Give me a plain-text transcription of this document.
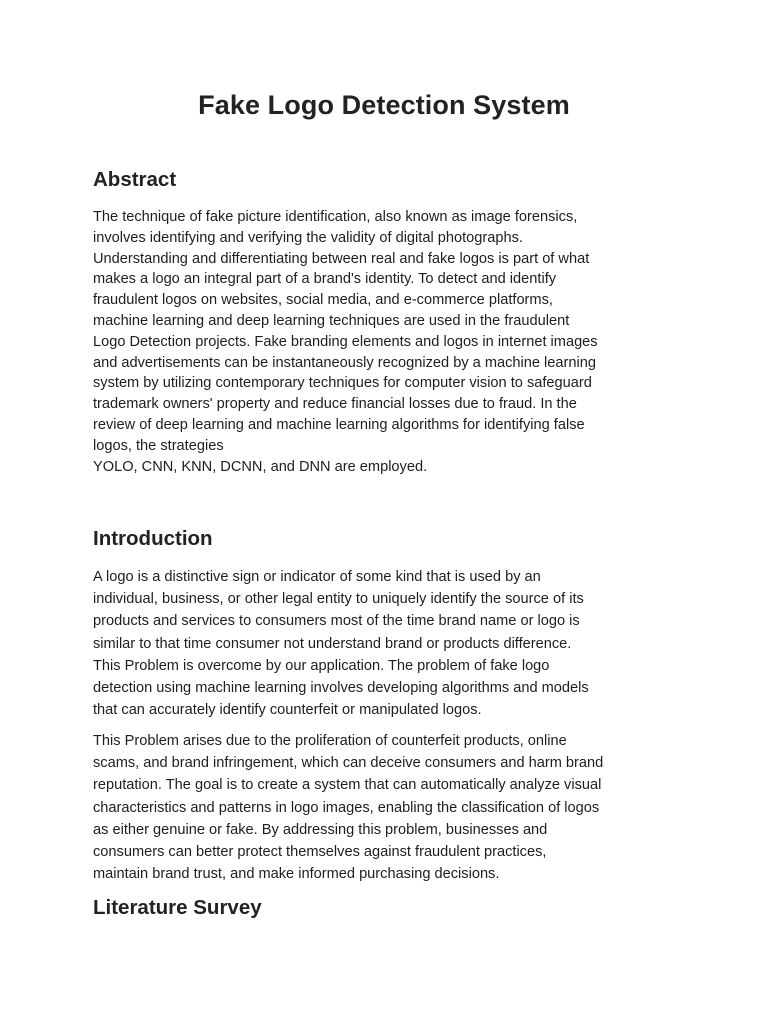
Fake Logo Detection System
Abstract
The technique of fake picture identification, also known as image forensics,
involves identifying and verifying the validity of digital photographs.
Understanding and differentiating between real and fake logos is part of what
makes a logo an integral part of a brand's identity. To detect and identify
fraudulent logos on websites, social media, and e-commerce platforms,
machine learning and deep learning techniques are used in the fraudulent
Logo Detection projects. Fake branding elements and logos in internet images
and advertisements can be instantaneously recognized by a machine learning
system by utilizing contemporary techniques for computer vision to safeguard
trademark owners' property and reduce financial losses due to fraud. In the
review of deep learning and machine learning algorithms for identifying false
logos, the strategies
YOLO, CNN, KNN, DCNN, and DNN are employed.
Introduction
A logo is a distinctive sign or indicator of some kind that is used by an
individual, business, or other legal entity to uniquely identify the source of its
products and services to consumers most of the time brand name or logo is
similar to that time consumer not understand brand or products difference.
This Problem is overcome by our application. The problem of fake logo
detection using machine learning involves developing algorithms and models
that can accurately identify counterfeit or manipulated logos.
This Problem arises due to the proliferation of counterfeit products, online
scams, and brand infringement, which can deceive consumers and harm brand
reputation. The goal is to create a system that can automatically analyze visual
characteristics and patterns in logo images, enabling the classification of logos
as either genuine or fake. By addressing this problem, businesses and
consumers can better protect themselves against fraudulent practices,
maintain brand trust, and make informed purchasing decisions.
Literature Survey
